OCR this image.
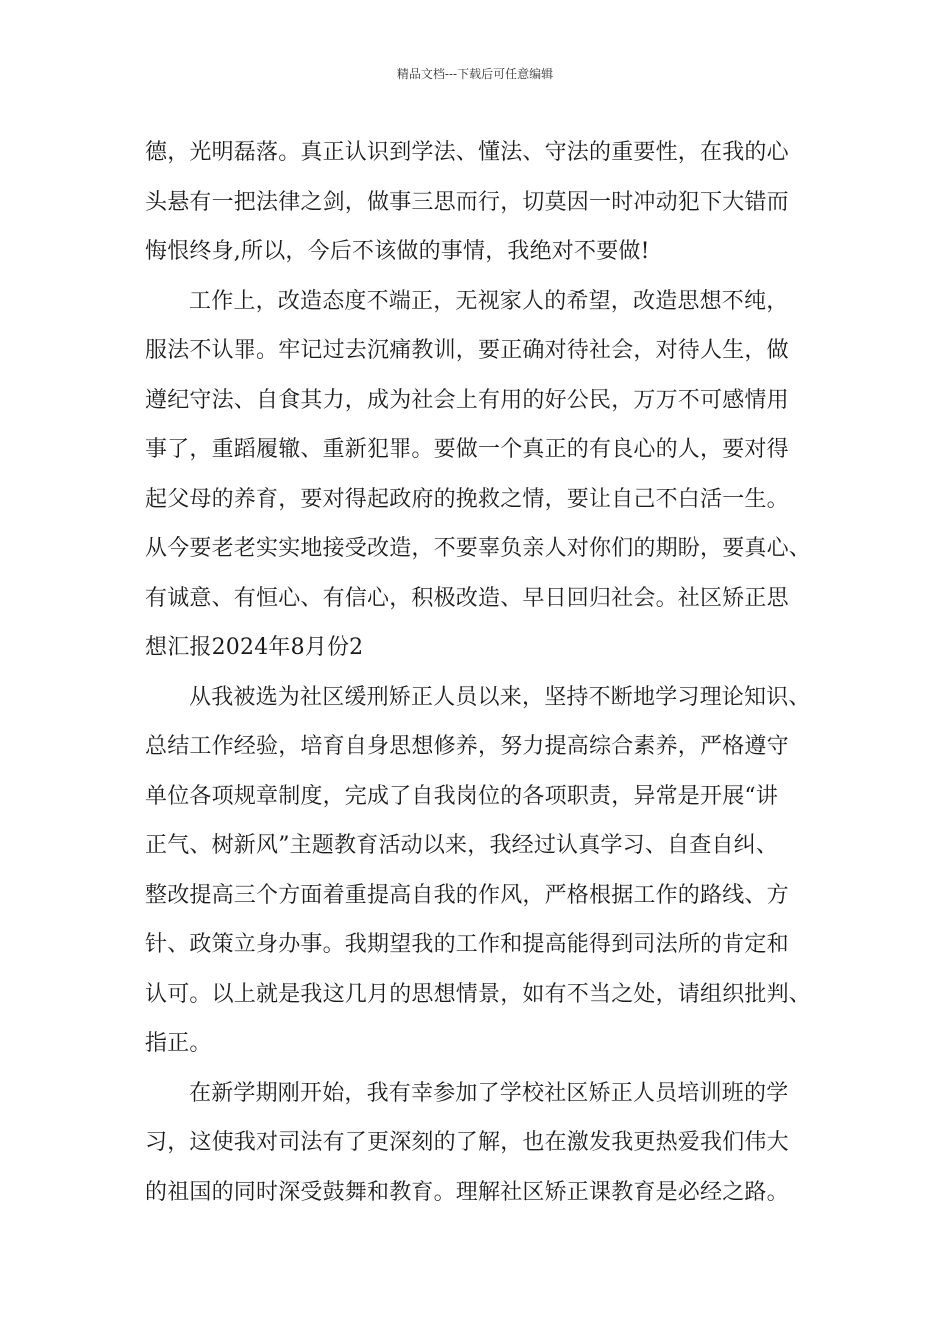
精品文档---下载后可任意编辑
德，光明磊落。真正认识到学法、懂法、守法的重要性，在我的心
头悬有一把法律之剑，做事三思而行，切莫因一时冲动犯下大错而
悔恨终身,所以，今后不该做的事情，我绝对不要做!
工作上，改造态度不端正，无视家人的希望，改造思想不纯，
服法不认罪。牢记过去沉痛教训，要正确对待社会，对待人生，做
遵纪守法、自食其力，成为社会上有用的好公民，万万不可感情用
事了，重蹈履辙、重新犯罪。要做一个真正的有良心的人，要对得
起父母的养育，要对得起政府的挽救之情，要让自己不白活一生。
从今要老老实实地接受改造，不要辜负亲人对你们的期盼，要真心、
有诚意、有恒心、有信心，积极改造、早日回归社会。社区矫正思
想汇报2024年8月份2
从我被选为社区缓刑矫正人员以来，坚持不断地学习理论知识、
总结工作经验，培育自身思想修养，努力提高综合素养，严格遵守
单位各项规章制度，完成了自我岗位的各项职责，异常是开展“讲
正气、树新风”主题教育活动以来，我经过认真学习、自查自纠、
整改提高三个方面着重提高自我的作风，严格根据工作的路线、方
针、政策立身办事。我期望我的工作和提高能得到司法所的肯定和
认可。以上就是我这几月的思想情景，如有不当之处，请组织批判、
指正。
在新学期刚开始，我有幸参加了学校社区矫正人员培训班的学
习，这使我对司法有了更深刻的了解，也在激发我更热爱我们伟大
的祖国的同时深受鼓舞和教育。理解社区矫正课教育是必经之路。
